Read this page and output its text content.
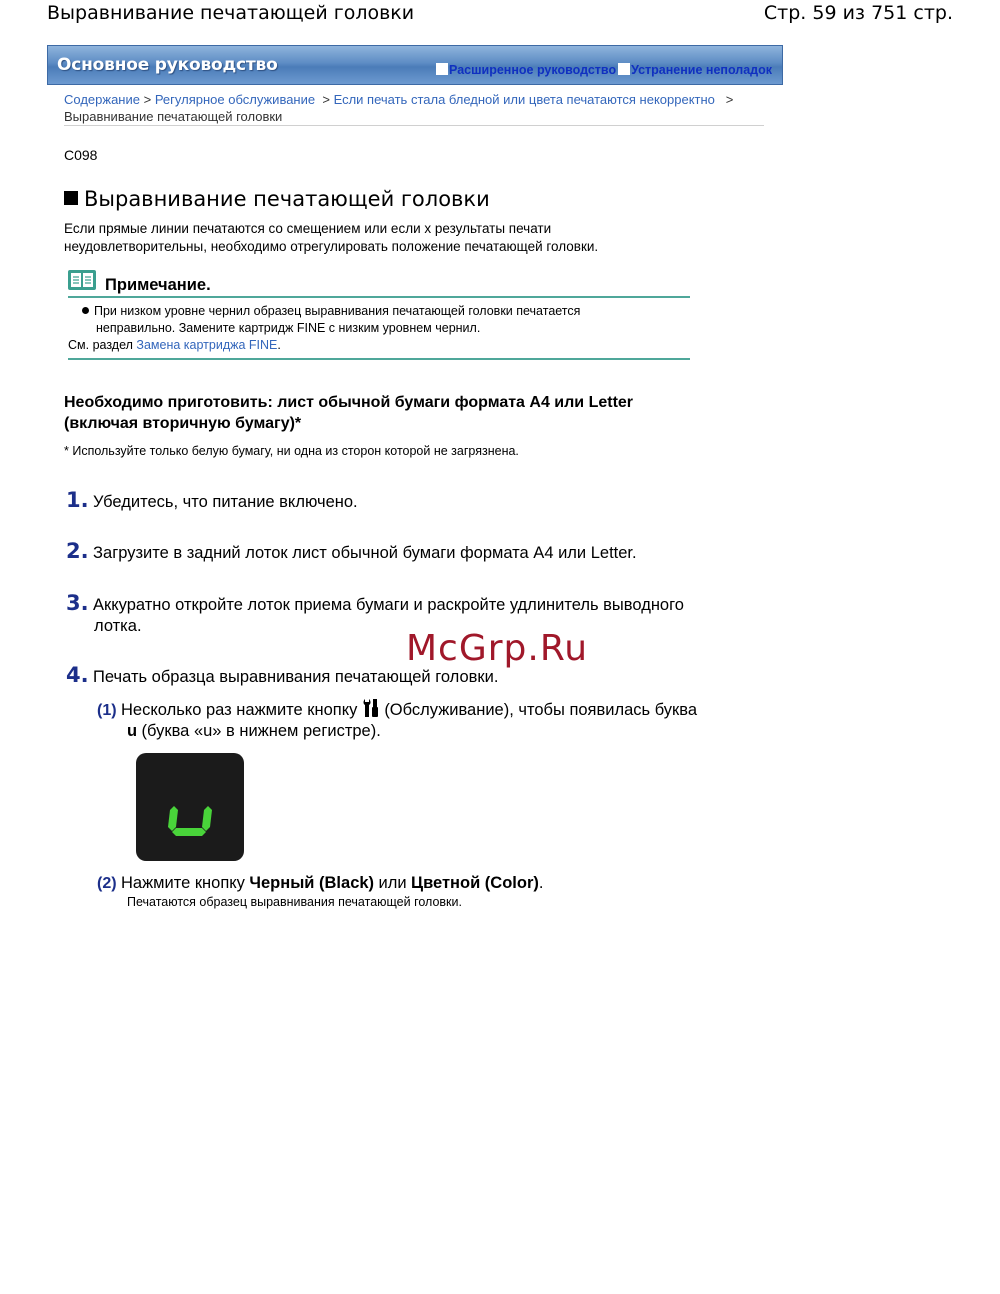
Выравнивание печатающей головки	Стр. 59 из 751 стр.
Основное руководство	Расширенное руководство Устранение неполадок
Содержание > Регулярное обслуживание > Если печать стала бледной или цвета печатаются некорректно >
Выравнивание печатающей головки
C098
Выравнивание печатающей головки
Если прямые линии печатаются со смещением или если х результаты печати
неудовлетворительны, необходимо отрегулировать положение печатающей головки.
Примечание.
При низком уровне чернил образец выравнивания печатающей головки печатается
неправильно. Замените картридж FINE с низким уровнем чернил.
См. раздел Замена картриджа FINE.
Необходимо приготовить: лист обычной бумаги формата A4 или Letter
(включая вторичную бумагу)*
* Используйте только белую бумагу, ни одна из сторон которой не загрязнена.
1. Убедитесь, что питание включено.
2. Загрузите в задний лоток лист обычной бумаги формата A4 или Letter.
3. Аккуратно откройте лоток приема бумаги и раскройте удлинитель выводного
лотка.
4. Печать образца выравнивания печатающей головки.
McGrp.Ru
(1) Несколько раз нажмите кнопку (Обслуживание), чтобы появилась буква
u (буква «u» в нижнем регистре).
(2) Нажмите кнопку Черный (Black) или Цветной (Color).
Печатаются образец выравнивания печатающей головки.
